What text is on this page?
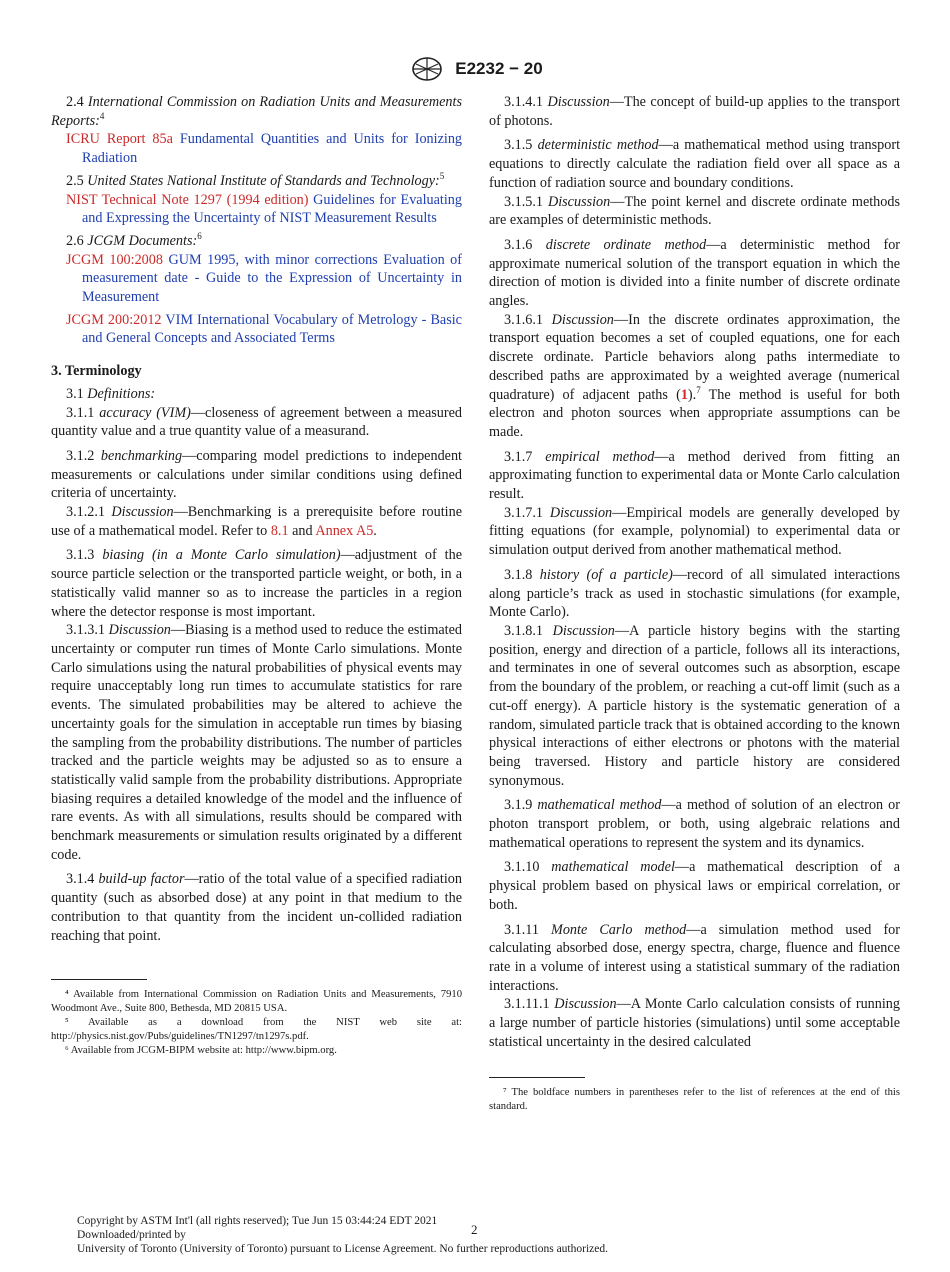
E2232 − 20

2.4 International Commission on Radiation Units and Measurements Reports:$^4$

ICRU Report 85a Fundamental Quantities and Units for Ionizing Radiation

2.5 United States National Institute of Standards and Technology:$^5$

NIST Technical Note 1297 (1994 edition) Guidelines for Evaluating and Expressing the Uncertainty of NIST Measurement Results

2.6 JCGM Documents:$^6$

JCGM 100:2008 GUM 1995, with minor corrections Evaluation of measurement date - Guide to the Expression of Uncertainty in Measurement

JCGM 200:2012 VIM International Vocabulary of Metrology - Basic and General Concepts and Associated Terms

3. Terminology

3.1 Definitions:

3.1.1 accuracy (VIM)—closeness of agreement between a measured quantity value and a true quantity value of a measurand.

3.1.2 benchmarking—comparing model predictions to independent measurements or calculations under similar conditions using defined criteria of uncertainty.

3.1.2.1 Discussion—Benchmarking is a prerequisite before routine use of a mathematical model. Refer to 8.1 and Annex A5.

3.1.3 biasing (in a Monte Carlo simulation)—adjustment of the source particle selection or the transported particle weight, or both, in a statistically valid manner so as to increase the particles in a region where the detector response is most important.

3.1.3.1 Discussion—Biasing is a method used to reduce the estimated uncertainty or computer run times of Monte Carlo simulations. Monte Carlo simulations using the natural probabilities of physical events may require unacceptably long run times to accumulate statistics for rare events. The simulated probabilities may be altered to achieve the uncertainty goals for the simulation in acceptable run times by biasing the sampling from the probability distributions. The number of particles tracked and the particle weights may be adjusted so as to ensure a statistically valid sample from the probability distributions. Appropriate biasing requires a detailed knowledge of the model and the influence of rare events. As with all simulations, results should be compared with benchmark measurements or simulation results originated by a different code.

3.1.4 build-up factor—ratio of the total value of a specified radiation quantity (such as absorbed dose) at any point in that medium to the contribution to that quantity from the incident un-collided radiation reaching that point.

⁴ Available from International Commission on Radiation Units and Measurements, 7910 Woodmont Ave., Suite 800, Bethesda, MD 20815 USA.

⁵ Available as a download from the NIST web site at: http://physics.nist.gov/Pubs/guidelines/TN1297/tn1297s.pdf.

⁶ Available from JCGM-BIPM website at: http://www.bipm.org.

3.1.4.1 Discussion—The concept of build-up applies to the transport of photons.

3.1.5 deterministic method—a mathematical method using transport equations to directly calculate the radiation field over all space as a function of radiation source and boundary conditions.

3.1.5.1 Discussion—The point kernel and discrete ordinate methods are examples of deterministic methods.

3.1.6 discrete ordinate method—a deterministic method for approximate numerical solution of the transport equation in which the direction of motion is divided into a finite number of discrete ordinate angles.

3.1.6.1 Discussion—In the discrete ordinates approximation, the transport equation becomes a set of coupled equations, one for each discrete ordinate. Particle behaviors along paths intermediate to described paths are approximated by a weighted average (numerical quadrature) of adjacent paths (1).$^7$ The method is useful for both electron and photon sources when appropriate assumptions can be made.

3.1.7 empirical method—a method derived from fitting an approximating function to experimental data or Monte Carlo calculation result.

3.1.7.1 Discussion—Empirical models are generally developed by fitting equations (for example, polynomial) to experimental data or simulation output derived from another mathematical method.

3.1.8 history (of a particle)—record of all simulated interactions along particle’s track as used in stochastic simulations (for example, Monte Carlo).

3.1.8.1 Discussion—A particle history begins with the starting position, energy and direction of a particle, follows all its interactions, and terminates in one of several outcomes such as absorption, escape from the boundary of the problem, or reaching a cut-off limit (such as a cut-off energy). A particle history is the systematic generation of a random, simulated particle track that is obtained according to the known physical interactions of either electrons or photons with the material being traversed. History and particle history are considered synonymous.

3.1.9 mathematical method—a method of solution of an electron or photon transport problem, or both, using algebraic relations and mathematical operations to represent the system and its dynamics.

3.1.10 mathematical model—a mathematical description of a physical problem based on physical laws or empirical correlation, or both.

3.1.11 Monte Carlo method—a simulation method used for calculating absorbed dose, energy spectra, charge, fluence and fluence rate in a volume of interest using a statistical summary of the radiation interactions.

3.1.11.1 Discussion—A Monte Carlo calculation consists of running a large number of particle histories (simulations) until some acceptable statistical uncertainty in the desired calculated

⁷ The boldface numbers in parentheses refer to the list of references at the end of this standard.

2
Copyright by ASTM Int'l (all rights reserved); Tue Jun 15 03:44:24 EDT 2021
Downloaded/printed by
University of Toronto (University of Toronto) pursuant to License Agreement. No further reproductions authorized.
